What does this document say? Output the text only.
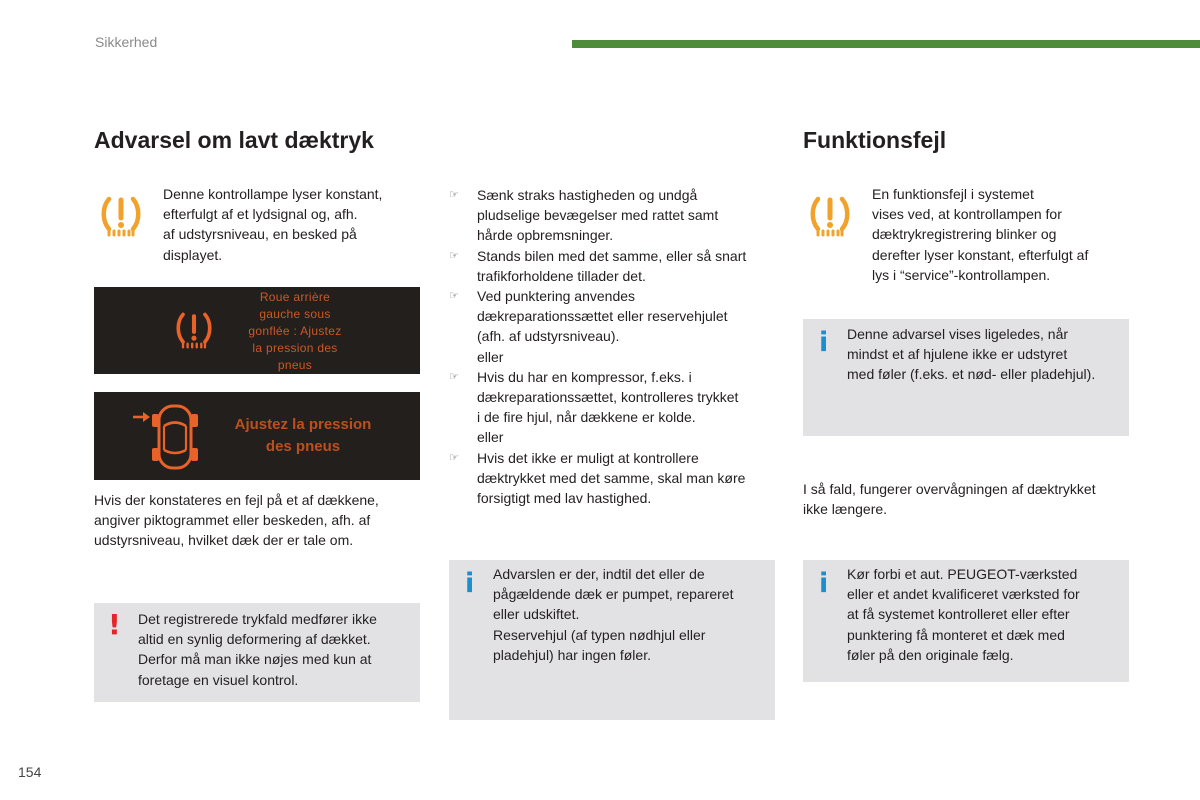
Sikkerhed
Advarsel om lavt dæktryk
Denne kontrollampe lyser konstant,
efterfulgt af et lydsignal og, afh.
af udstyrsniveau, en besked på
displayet.
Roue arrière
gauche sous
gonflée : Ajustez
la pression des
pneus
Ajustez la pression
des pneus
Hvis der konstateres en fejl på et af dækkene,
angiver piktogrammet eller beskeden, afh. af
udstyrsniveau, hvilket dæk der er tale om.
! Det registrerede trykfald medfører ikke
altid en synlig deformering af dækket.
Derfor må man ikke nøjes med kun at
foretage en visuel kontrol.
☞ Sænk straks hastigheden og undgå
pludselige bevægelser med rattet samt
hårde opbremsninger.
☞ Stands bilen med det samme, eller så snart
trafikforholdene tillader det.
☞ Ved punktering anvendes
dækreparationssættet eller reservehjulet
(afh. af udstyrsniveau).
eller
☞ Hvis du har en kompressor, f.eks. i
dækreparationssættet, kontrolleres trykket
i de fire hjul, når dækkene er kolde.
eller
☞ Hvis det ikke er muligt at kontrollere
dæktrykket med det samme, skal man køre
forsigtigt med lav hastighed.
i Advarslen er der, indtil det eller de
pågældende dæk er pumpet, repareret
eller udskiftet.
Reservehjul (af typen nødhjul eller
pladehjul) har ingen føler.
Funktionsfejl
En funktionsfejl i systemet
vises ved, at kontrollampen for
dæktrykregistrering blinker og
derefter lyser konstant, efterfulgt af
lys i “service”-kontrollampen.
i Denne advarsel vises ligeledes, når
mindst et af hjulene ikke er udstyret
med føler (f.eks. et nød- eller pladehjul).
I så fald, fungerer overvågningen af dæktrykket
ikke længere.
i Kør forbi et aut. PEUGEOT-værksted
eller et andet kvalificeret værksted for
at få systemet kontrolleret eller efter
punktering få monteret et dæk med
føler på den originale fælg.
154
